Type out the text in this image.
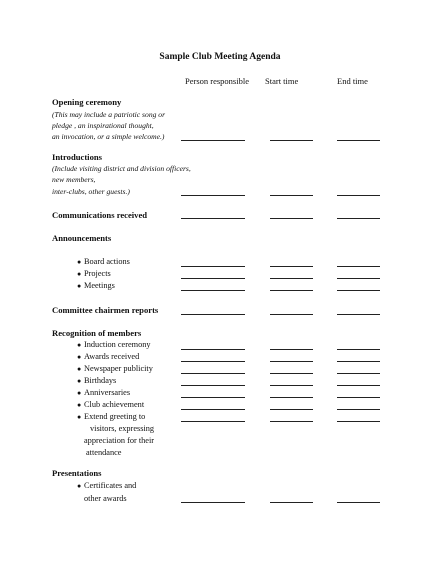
Sample Club Meeting Agenda
Person responsible Start time	End time
Opening ceremony
(This may include a patriotic song or
pledge , an inspirational thought,
an invocation, or a simple welcome.)
Introductions
(Include visiting district and division officers,
new members,
inter-clubs, other guests.)
Communications received
Announcements
● Board actions
● Projects
● Meetings
Committee chairmen reports
Recognition of members
● Induction ceremony
● Awards received
● Newspaper publicity
● Birthdays
● Anniversaries
● Club achievement
● Extend greeting to
visitors, expressing
appreciation for their
attendance
Presentations
● Certificates and
other awards
